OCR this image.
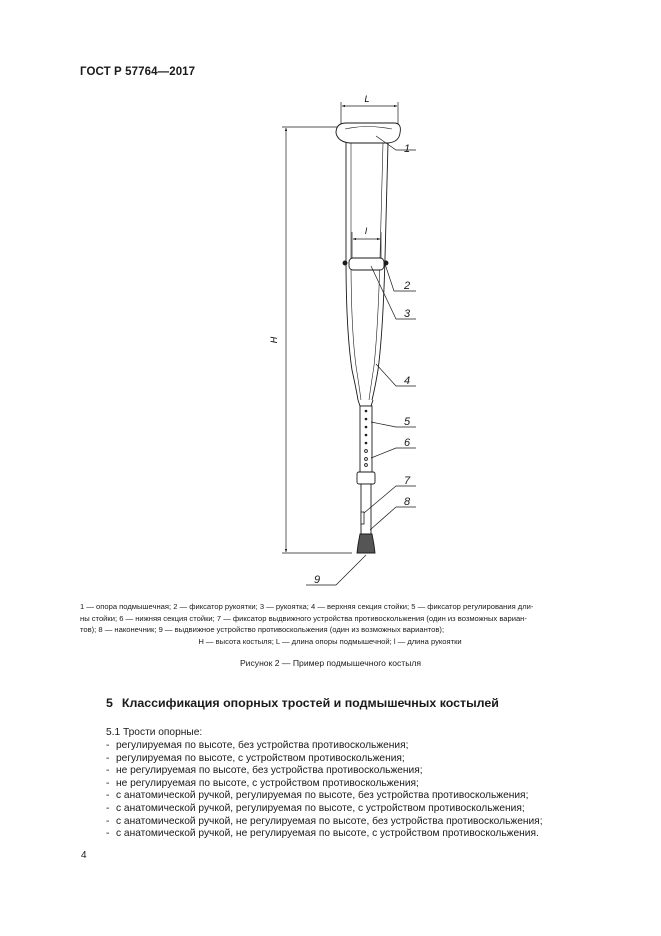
ГОСТ Р 57764—2017
L
H
l
1
2
3
4
5
6
7
8
9

1 — опора подмышечная; 2 — фиксатор рукоятки; 3 — рукоятка; 4 — верхняя секция стойки; 5 — фиксатор регулирования дли-

ны стойки; 6 — нижняя секция стойки; 7 — фиксатор выдвижного устройства противоскольжения (один из возможных вариан-

тов); 8 — наконечник; 9 — выдвижное устройство противоскольжения (один из возможных вариантов);

H — высота костыля; L — длина опоры подмышечной; l — длина рукоятки

Рисунок 2 — Пример подмышечного костыля
5 Классификация опорных тростей и подмышечных костылей
5.1 Трости опорные:
- регулируемая по высоте, без устройства противоскольжения;
- регулируемая по высоте, с устройством противоскольжения;
- не регулируемая по высоте, без устройства противоскольжения;
- не регулируемая по высоте, с устройством противоскольжения;
- с анатомической ручкой, регулируемая по высоте, без устройства противоскольжения;
- с анатомической ручкой, регулируемая по высоте, с устройством противоскольжения;
- с анатомической ручкой, не регулируемая по высоте, без устройства противоскольжения;
- с анатомической ручкой, не регулируемая по высоте, с устройством противоскольжения.
4
